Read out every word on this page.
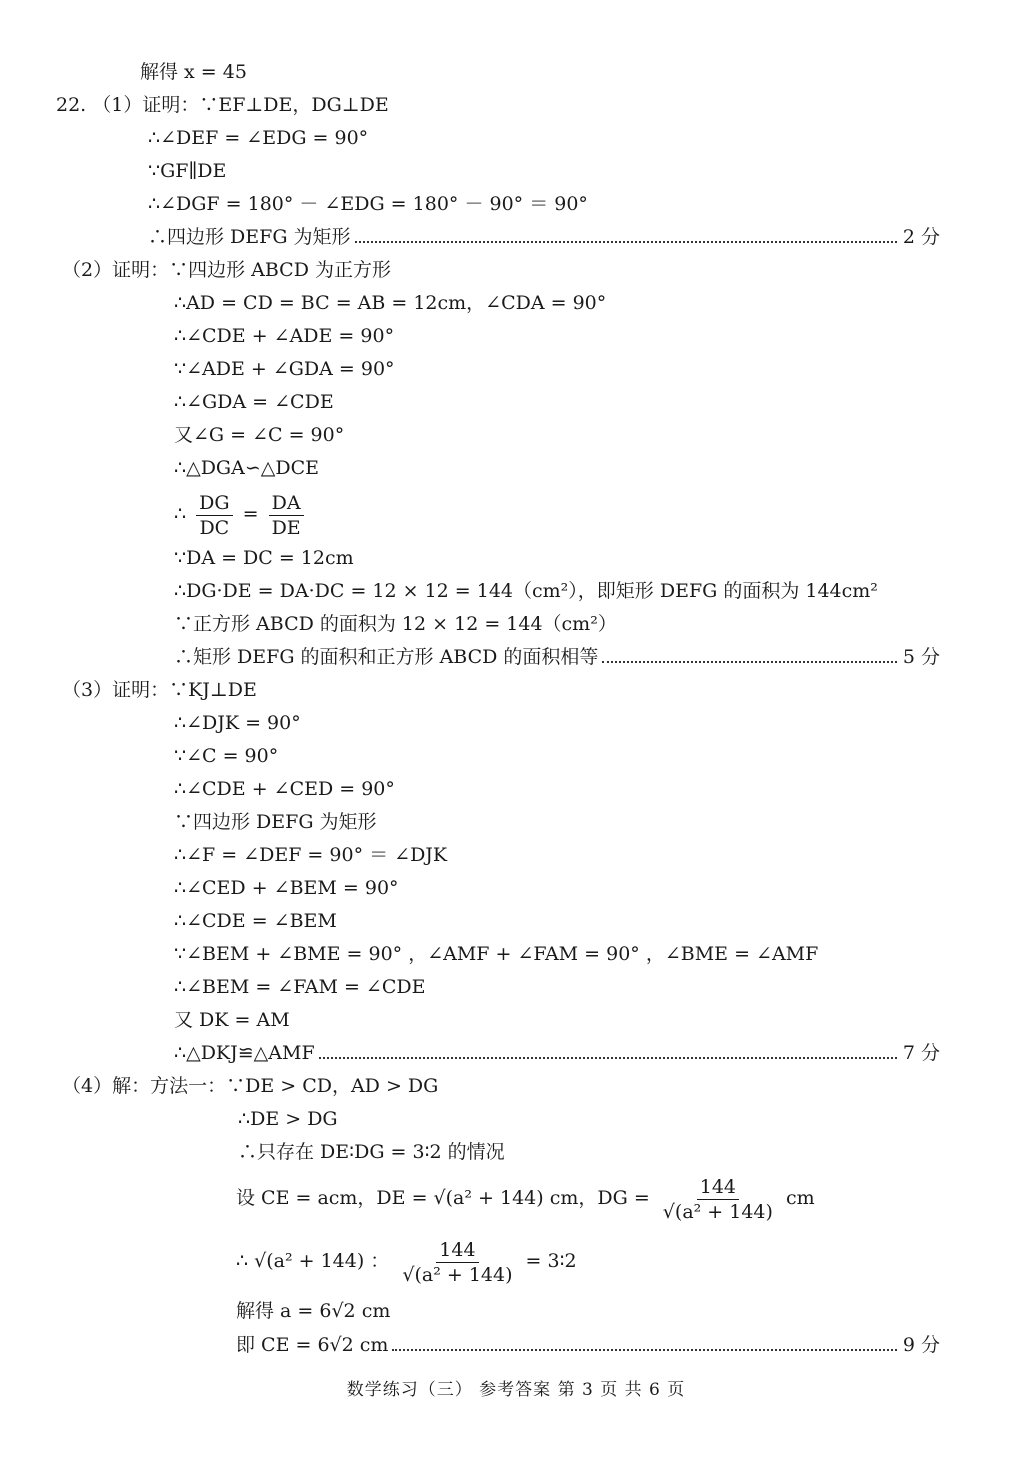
解得 x = 45
22. （1）证明：∵EF⊥DE，DG⊥DE
∴∠DEF = ∠EDG = 90°
∵GF∥DE
∴∠DGF = 180° － ∠EDG = 180° － 90° ＝ 90°
∴四边形 DEFG 为矩形	2 分
（2）证明：∵四边形 ABCD 为正方形
∴AD = CD = BC = AB = 12cm，∠CDA = 90°
∴∠CDE + ∠ADE = 90°
∵∠ADE + ∠GDA = 90°
∴∠GDA = ∠CDE
又∠G = ∠C = 90°
∴△DGA∽△DCE
∴ $\frac{DG}{DC} = \frac{DA}{DE}$
∵DA = DC = 12cm
∴DG·DE = DA·DC = 12 × 12 = 144（cm²），即矩形 DEFG 的面积为 144cm²
∵正方形 ABCD 的面积为 12 × 12 = 144（cm²）
∴矩形 DEFG 的面积和正方形 ABCD 的面积相等	5 分
（3）证明：∵KJ⊥DE
∴∠DJK = 90°
∵∠C = 90°
∴∠CDE + ∠CED = 90°
∵四边形 DEFG 为矩形
∴∠F = ∠DEF = 90° ＝ ∠DJK
∴∠CED + ∠BEM = 90°
∴∠CDE = ∠BEM
∵∠BEM + ∠BME = 90° ，∠AMF + ∠FAM = 90° ，∠BME = ∠AMF
∴∠BEM = ∠FAM = ∠CDE
又 DK = AM
∴△DKJ≌△AMF	7 分
（4）解：方法一：∵DE > CD，AD > DG
∴DE > DG
∴只存在 DE∶DG = 3∶2 的情况
设 CE = acm，DE = √(a² + 144) cm，DG = $\frac{144}{\text{√(a² + 144)}}$ cm
∴ √(a² + 144) ： $\frac{144}{\text{√(a² + 144)}}$ = 3∶2
解得 a = 6√2 cm
即 CE = 6√2 cm	9 分
数学练习（三） 参考答案 第 3 页 共 6 页
